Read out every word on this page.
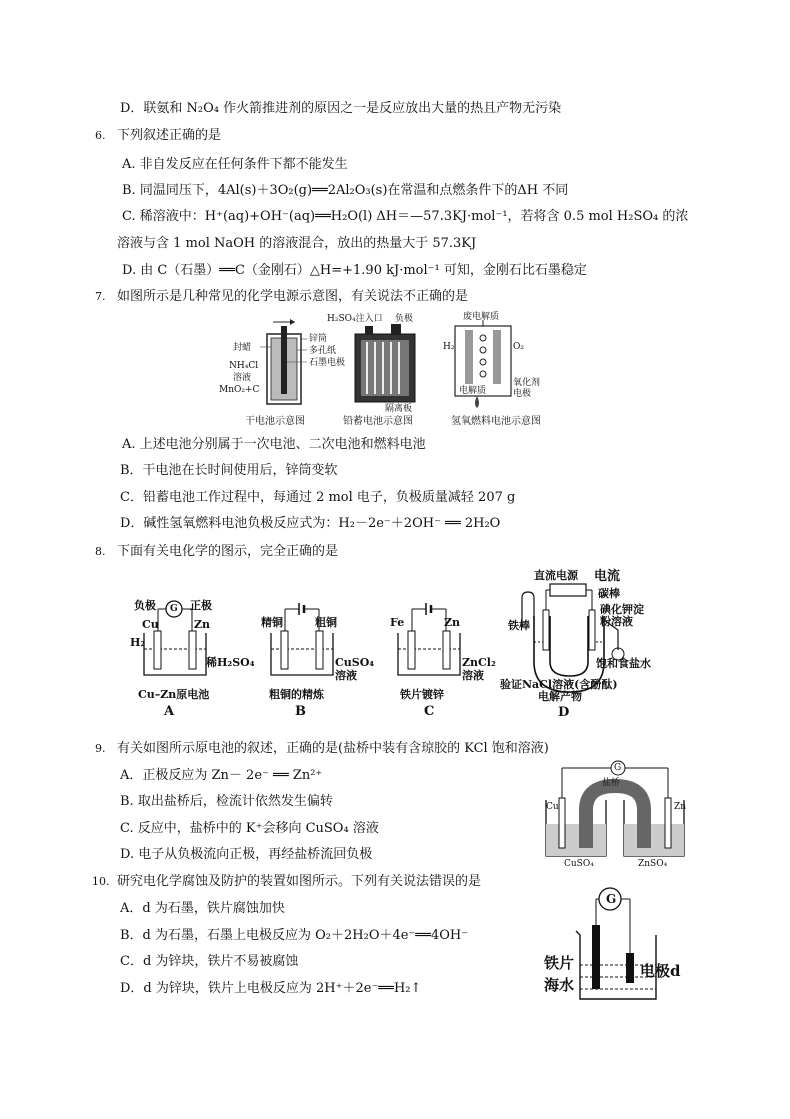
D．联氨和 N₂O₄ 作火箭推进剂的原因之一是反应放出大量的热且产物无污染
6. 下列叙述正确的是
A. 非自发反应在任何条件下都不能发生
B. 同温同压下，4Al(s)＋3O₂(g)══2Al₂O₃(s)在常温和点燃条件下的ΔH 不同
C. 稀溶液中：H⁺(aq)+OH⁻(aq)══H₂O(l) ΔH＝—57.3KJ·mol⁻¹，若将含 0.5 mol H₂SO₄ 的浓
溶液与含 1 mol NaOH 的溶液混合，放出的热量大于 57.3KJ
D. 由 C（石墨）══C（金刚石）△H=+1.90 kJ·mol⁻¹ 可知，金刚石比石墨稳定
7. 如图所示是几种常见的化学电源示意图，有关说法不正确的是
封蜡
锌筒
多孔纸
NH₄Cl
溶液
石墨电极
MnO₂+C
H₂SO₄注入口 负极
隔离板
废电解质
H₂	O₂
电解质
氧化剂
电极
干电池示意图	铅蓄电池示意图	氢氧燃料电池示意图
A. 上述电池分别属于一次电池、二次电池和燃料电池
B．干电池在长时间使用后，锌筒变软
C．铅蓄电池工作过程中，每通过 2 mol 电子，负极质量减轻 207 g
D．碱性氢氧燃料电池负极反应式为：H₂－2e⁻＋2OH⁻ ══ 2H₂O
8. 下面有关电化学的图示，完全正确的是
负极	正极
G
Cu	Zn
H₂
稀H₂SO₄
Cu–Zn原电池
A
精铜	粗铜
CuSO₄
溶液
粗铜的精炼
B
Fe	Zn
ZnCl₂
溶液
铁片镀锌
C
直流电源 电流
碳棒
铁棒
碘化钾淀
粉溶液
饱和食盐水
验证NaCl溶液(含酚酞)
电解产物
D
9. 有关如图所示原电池的叙述，正确的是(盐桥中装有含琼胶的 KCl 饱和溶液)
A．正极反应为 Zn－ 2e⁻ ══ Zn²⁺
B. 取出盐桥后，检流计依然发生偏转
C. 反应中，盐桥中的 K⁺会移向 CuSO₄ 溶液
D. 电子从负极流向正极，再经盐桥流回负极
G
盐桥
Cu	Zn
CuSO₄	ZnSO₄
10. 研究电化学腐蚀及防护的装置如图所示。下列有关说法错误的是
A．d 为石墨，铁片腐蚀加快
B．d 为石墨，石墨上电极反应为 O₂＋2H₂O＋4e⁻══4OH⁻
C．d 为锌块，铁片不易被腐蚀
D．d 为锌块，铁片上电极反应为 2H⁺＋2e⁻══H₂↑
G
铁片
海水
电极d
